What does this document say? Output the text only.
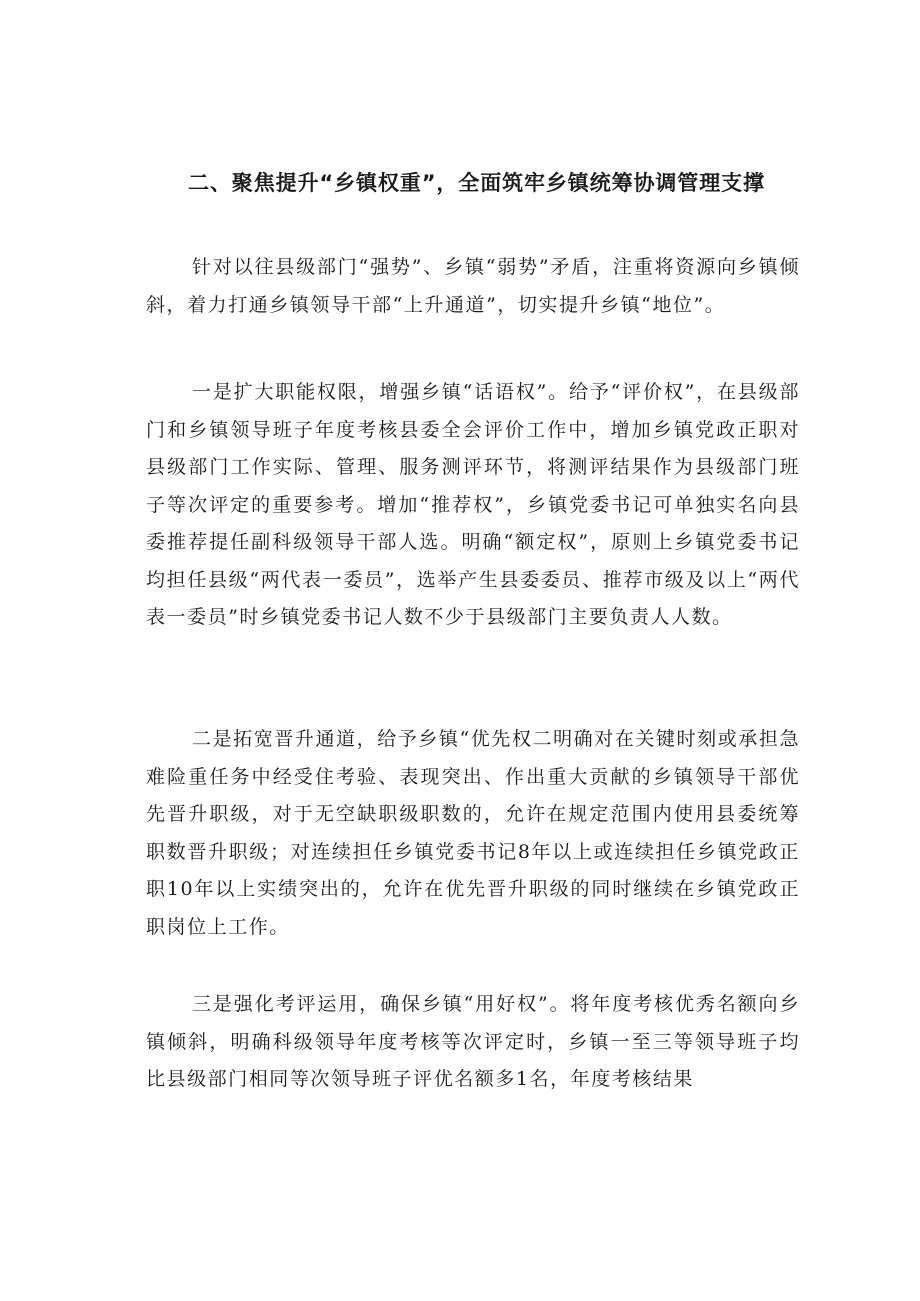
二、聚焦提升“乡镇权重”，全面筑牢乡镇统筹协调管理支撑

针对以往县级部门“强势”、乡镇“弱势”矛盾，注重将资源向乡镇倾斜，着力打通乡镇领导干部“上升通道”，切实提升乡镇“地位”。

一是扩大职能权限，增强乡镇“话语权”。给予“评价权”，在县级部门和乡镇领导班子年度考核县委全会评价工作中，增加乡镇党政正职对县级部门工作实际、管理、服务测评环节，将测评结果作为县级部门班子等次评定的重要参考。增加“推荐权”，乡镇党委书记可单独实名向县委推荐提任副科级领导干部人选。明确“额定权”，原则上乡镇党委书记均担任县级“两代表一委员”，选举产生县委委员、推荐市级及以上“两代表一委员”时乡镇党委书记人数不少于县级部门主要负责人人数。

二是拓宽晋升通道，给予乡镇“优先权二明确对在关键时刻或承担急难险重任务中经受住考验、表现突出、作出重大贡献的乡镇领导干部优先晋升职级，对于无空缺职级职数的，允许在规定范围内使用县委统筹职数晋升职级；对连续担任乡镇党委书记8年以上或连续担任乡镇党政正职10年以上实绩突出的，允许在优先晋升职级的同时继续在乡镇党政正职岗位上工作。

三是强化考评运用，确保乡镇“用好权”。将年度考核优秀名额向乡镇倾斜，明确科级领导年度考核等次评定时，乡镇一至三等领导班子均比县级部门相同等次领导班子评优名额多1名，年度考核结果
